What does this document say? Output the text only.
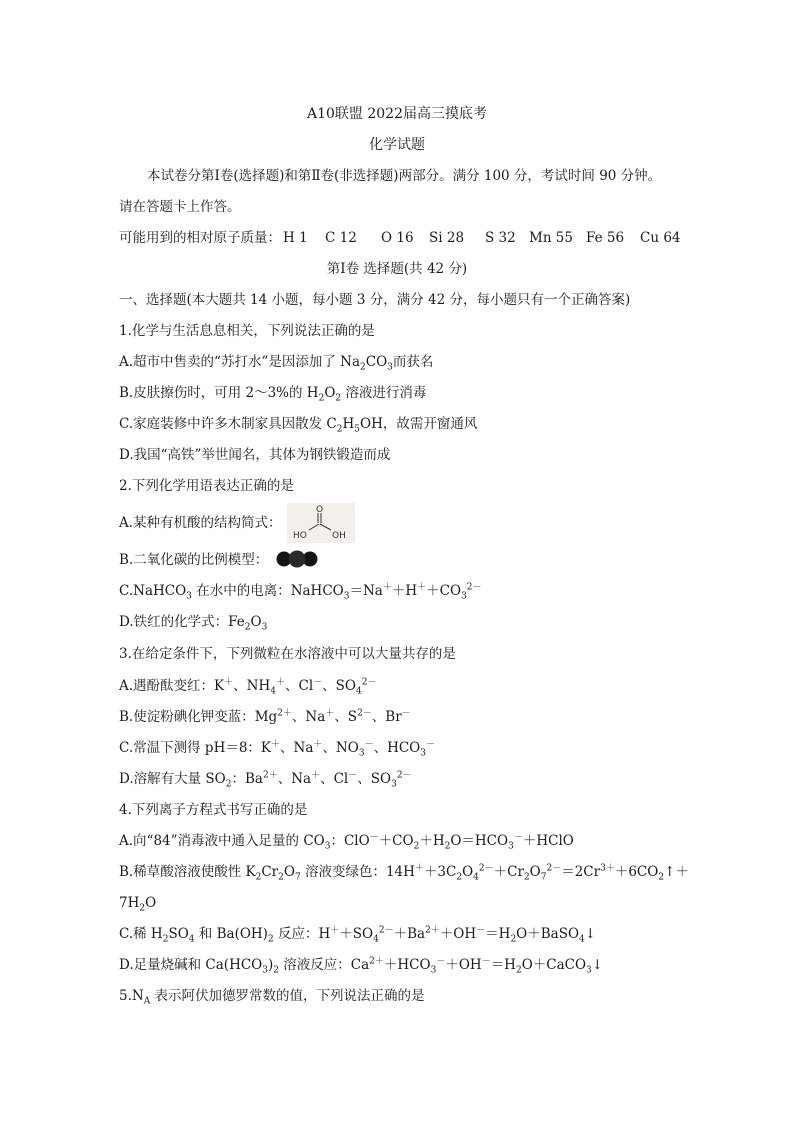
A10联盟 2022届高三摸底考
化学试题
本试卷分第Ⅰ卷(选择题)和第Ⅱ卷(非选择题)两部分。满分 100 分，考试时间 90 分钟。
请在答题卡上作答。
可能用到的相对原子质量： H 1 C 12 O 16 Si 28 S 32 Mn 55 Fe 56 Cu 64
第Ⅰ卷 选择题(共 42 分)
一、选择题(本大题共 14 小题，每小题 3 分，满分 42 分，每小题只有一个正确答案)
1.化学与生活息息相关，下列说法正确的是
A.超市中售卖的“苏打水”是因添加了 $Na_2CO_3$而获名
B.皮肤擦伤时，可用 2～3%的 $H_2O_2$ 溶液进行消毒
C.家庭装修中许多木制家具因散发 $C_2H_5OH$，故需开窗通风
D.我国“高铁”举世闻名，其体为钢铁锻造而成
2.下列化学用语表达正确的是
A.某种有机酸的结构简式：
O
HO	OH
B.二氧化碳的比例模型：
C.NaHCO$_3$ 在水中的电离：$NaHCO_3=Na^++H^++CO_3^{2-}$
D.铁红的化学式：$Fe_2O_3$
3.在给定条件下，下列微粒在水溶液中可以大量共存的是
A.遇酚酞变红：K＋、$NH_4^+$、Cl－、$SO_4^{2-}$
B.使淀粉碘化钾变蓝：$Mg^{2+}$、Na＋、$S^{2-}$、Br－
C.常温下测得 pH＝8：K＋、Na＋、$NO_3^-$、$HCO_3^-$
D.溶解有大量 $SO_2$：$Ba^{2+}$、Na＋、Cl－、$SO_3^{2-}$
4.下列离子方程式书写正确的是
A.向“84”消毒液中通入足量的 $CO_3$：$ClO^-+CO_2+H_2O=HCO_3^-+HClO$
B.稀草酸溶液使酸性 $K_2Cr_2O_7$ 溶液变绿色：$14H^++3C_2O_4^{2-}+Cr_2O_7^{2-}=2Cr^{3+}+6CO_2↑+$
$7H_2O$
C.稀 $H_2SO_4$ 和 $Ba(OH)_2$ 反应：$H^++SO_4^{2-}+Ba^{2+}+OH^-=H_2O+BaSO_4↓$
D.足量烧碱和 $Ca(HCO_3)_2$ 溶液反应：$Ca^{2+}+HCO_3^-+OH^-=H_2O+CaCO_3↓$
$5.N_A$ 表示阿伏加德罗常数的值，下列说法正确的是
